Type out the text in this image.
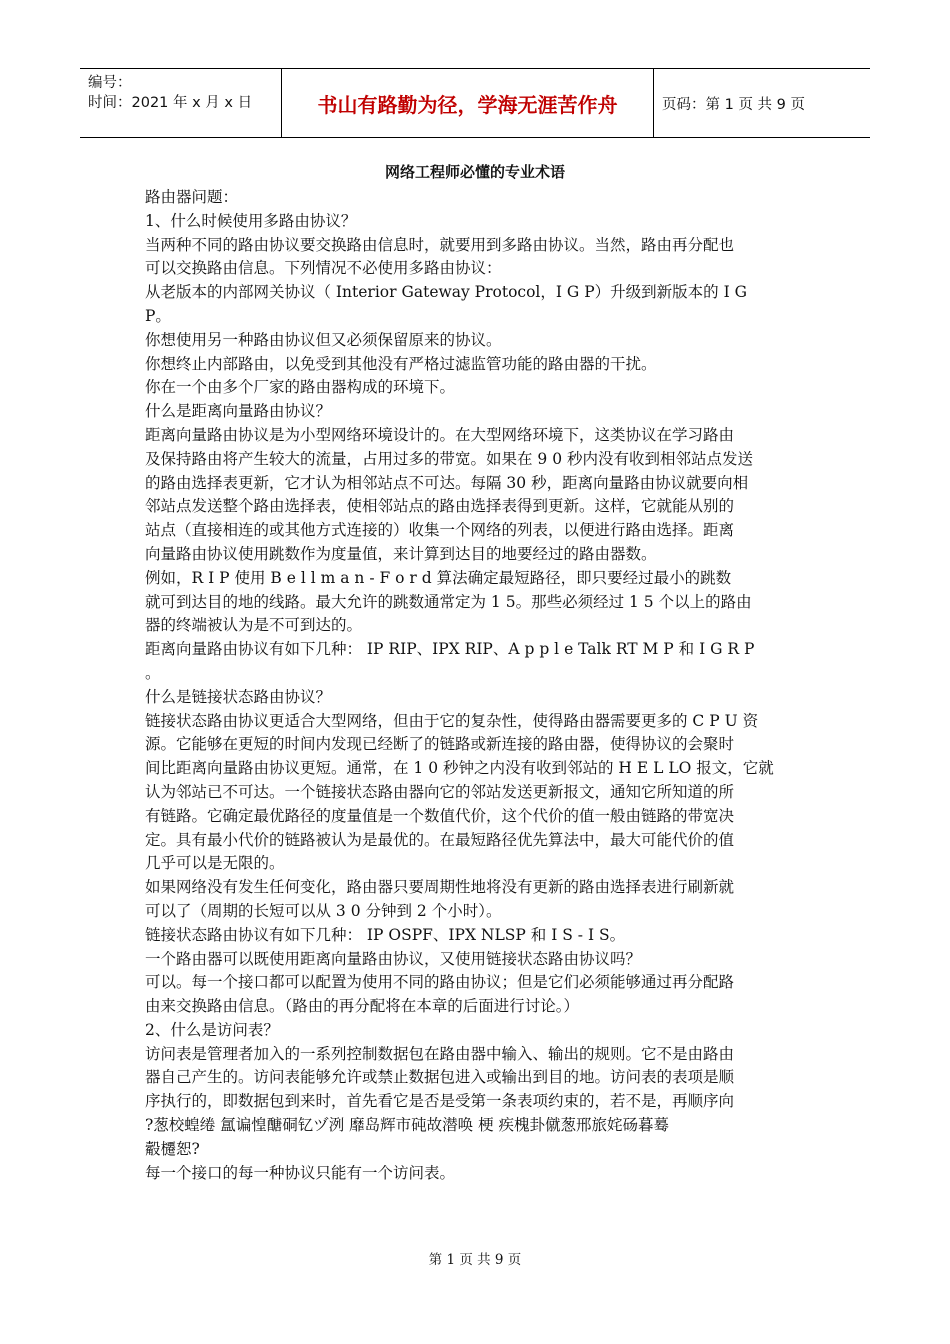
编号：
时间：2021 年 x 月 x 日	书山有路勤为径，学海无涯苦作舟	页码：第 1 页 共 9 页
网络工程师必懂的专业术语
路由器问题：
1、什么时候使用多路由协议？
当两种不同的路由协议要交换路由信息时，就要用到多路由协议。当然，路由再分配也
可以交换路由信息。下列情况不必使用多路由协议：
从老版本的内部网关协议（ Interior Gateway Protocol，I G P）升级到新版本的 I G
P。
你想使用另一种路由协议但又必须保留原来的协议。
你想终止内部路由，以免受到其他没有严格过滤监管功能的路由器的干扰。
你在一个由多个厂家的路由器构成的环境下。
什么是距离向量路由协议？
距离向量路由协议是为小型网络环境设计的。在大型网络环境下，这类协议在学习路由
及保持路由将产生较大的流量，占用过多的带宽。如果在 9 0 秒内没有收到相邻站点发送
的路由选择表更新，它才认为相邻站点不可达。每隔 30 秒，距离向量路由协议就要向相
邻站点发送整个路由选择表，使相邻站点的路由选择表得到更新。这样，它就能从别的
站点（直接相连的或其他方式连接的）收集一个网络的列表，以便进行路由选择。距离
向量路由协议使用跳数作为度量值，来计算到达目的地要经过的路由器数。
例如，R I P 使用 B e l l m a n - F o r d 算法确定最短路径，即只要经过最小的跳数
就可到达目的地的线路。最大允许的跳数通常定为 1 5。那些必须经过 1 5 个以上的路由
器的终端被认为是不可到达的。
距离向量路由协议有如下几种： IP RIP、IPX RIP、A p p l e Talk RT M P 和 I G R P
。
什么是链接状态路由协议？
链接状态路由协议更适合大型网络，但由于它的复杂性，使得路由器需要更多的 C P U 资
源。它能够在更短的时间内发现已经断了的链路或新连接的路由器，使得协议的会聚时
间比距离向量路由协议更短。通常，在 1 0 秒钟之内没有收到邻站的 H E L LO 报文，它就
认为邻站已不可达。一个链接状态路由器向它的邻站发送更新报文，通知它所知道的所
有链路。它确定最优路径的度量值是一个数值代价，这个代价的值一般由链路的带宽决
定。具有最小代价的链路被认为是最优的。在最短路径优先算法中，最大可能代价的值
几乎可以是无限的。
如果网络没有发生任何变化，路由器只要周期性地将没有更新的路由选择表进行刷新就
可以了（周期的长短可以从 3 0 分钟到 2 个小时）。
链接状态路由协议有如下几种： IP OSPF、IPX NLSP 和 I S - I S。
一个路由器可以既使用距离向量路由协议，又使用链接状态路由协议吗？
可以。每一个接口都可以配置为使用不同的路由协议；但是它们必须能够通过再分配路
由来交换路由信息。（路由的再分配将在本章的后面进行讨论。）
2、什么是访问表？
访问表是管理者加入的一系列控制数据包在路由器中输入、输出的规则。它不是由路由
器自己产生的。访问表能够允许或禁止数据包进入或输出到目的地。访问表的表项是顺
序执行的，即数据包到来时，首先看它是否是受第一条表项约束的，若不是，再顺序向
?葱校蝗绻 氲谝惶醣硐钇ヅ洌 靡岛辉市砘故潜唤 梗 疾槐卦僦葱邢旅姹砀暮蓦
觳櫏恕?
每一个接口的每一种协议只能有一个访问表。
第 1 页 共 9 页
